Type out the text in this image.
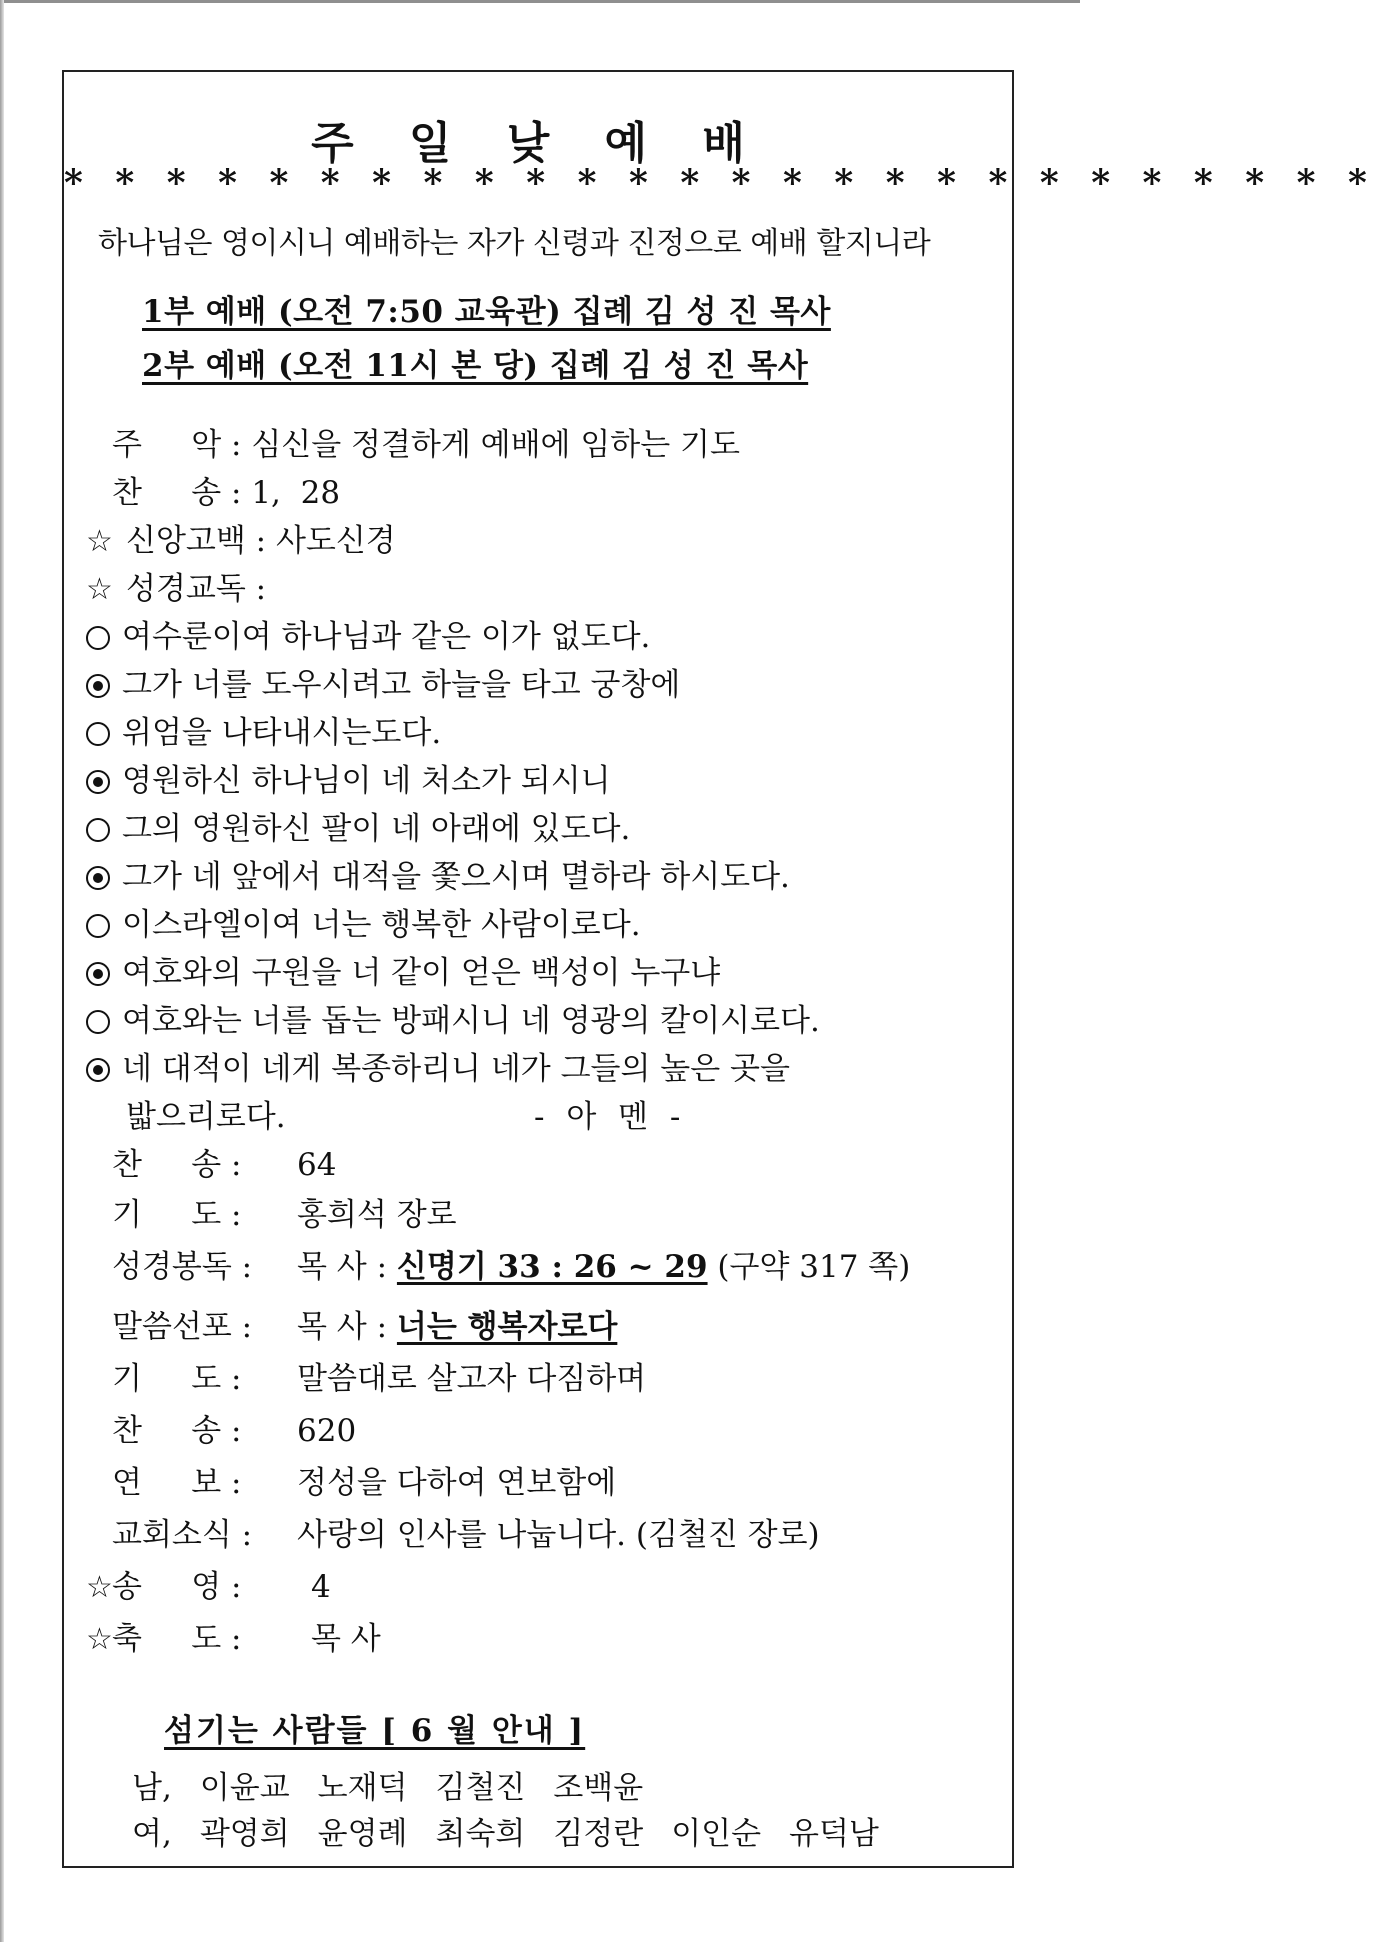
주 일 낮 예 배
* * * * * * * * * * * * * * * * * * * * * * * * * *
하나님은 영이시니 예배하는 자가 신령과 진정으로 예배 할지니라
1부 예배 (오전 7:50 교육관) 집례 김 성 진 목사
2부 예배 (오전 11시 본 당) 집례 김 성 진 목사
주     악 : 심신을 정결하게 예배에 임하는 기도
찬     송 : 1,  28
☆ 신앙고백 : 사도신경
☆ 성경교독 :
여수룬이여 하나님과 같은 이가 없도다.
그가 너를 도우시려고 하늘을 타고 궁창에
위엄을 나타내시는도다.
영원하신 하나님이 네 처소가 되시니
그의 영원하신 팔이 네 아래에 있도다.
그가 네 앞에서 대적을 쫓으시며 멸하라 하시도다.
이스라엘이여 너는 행복한 사람이로다.
여호와의 구원을 너 같이 얻은 백성이 누구냐
여호와는 너를 돕는 방패시니 네 영광의 칼이시로다.
네 대적이 네게 복종하리니 네가 그들의 높은 곳을
밟으리로다.	- 아 멘 -
찬     송 : 64
기     도 : 홍희석 장로
성경봉독 : 목 사 : 신명기 33 : 26 ~ 29 (구약 317 쪽)
말씀선포 : 목 사 : 너는 행복자로다
기     도 : 말씀대로 살고자 다짐하며
찬     송 : 620
연     보 : 정성을 다하여 연보함에
교회소식 : 사랑의 인사를 나눕니다. (김철진 장로)
☆송     영 : 4
☆축     도 : 목 사
섬기는 사람들 [ 6 월 안내 ]
남, 이윤교 노재덕 김철진 조백윤
여, 곽영희 윤영례 최숙희 김정란 이인순 유덕남
